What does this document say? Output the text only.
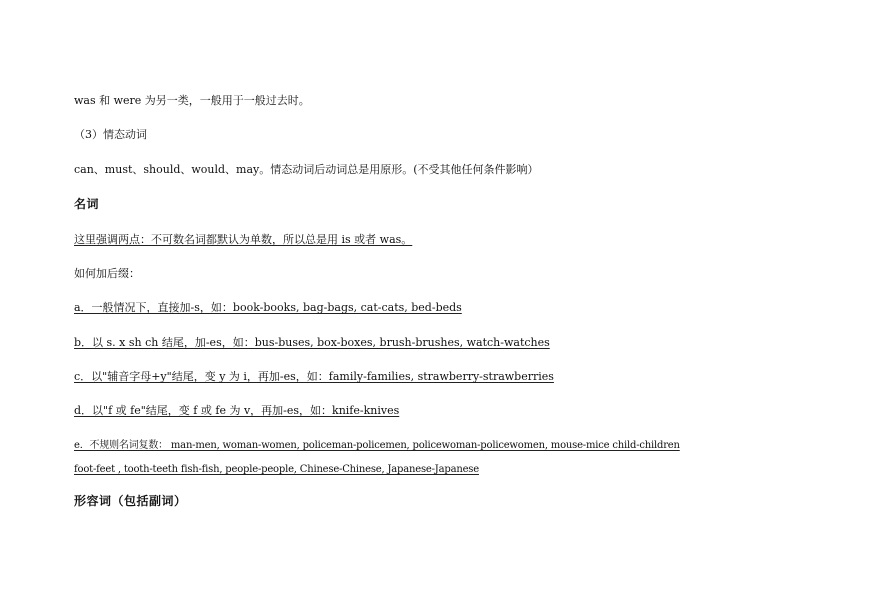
was 和 were 为另一类，一般用于一般过去时。
（3）情态动词
can、must、should、would、may。情态动词后动词总是用原形。(不受其他任何条件影响）
名词
这里强调两点：不可数名词都默认为单数，所以总是用 is 或者 was。
如何加后缀：
a．一般情况下，直接加-s，如：book-books, bag-bags, cat-cats, bed-beds
b．以 s. x sh ch 结尾，加-es，如：bus-buses, box-boxes, brush-brushes, watch-watches
c．以"辅音字母+y"结尾，变 y 为 i，再加-es，如：family-families, strawberry-strawberries
d．以"f 或 fe"结尾，变 f 或 fe 为 v，再加-es，如：knife-knives
e．不规则名词复数： man-men, woman-women, policeman-policemen, policewoman-policewomen, mouse-mice child-children
foot-feet , tooth-teeth fish-fish, people-people, Chinese-Chinese, Japanese-Japanese
形容词（包括副词）
